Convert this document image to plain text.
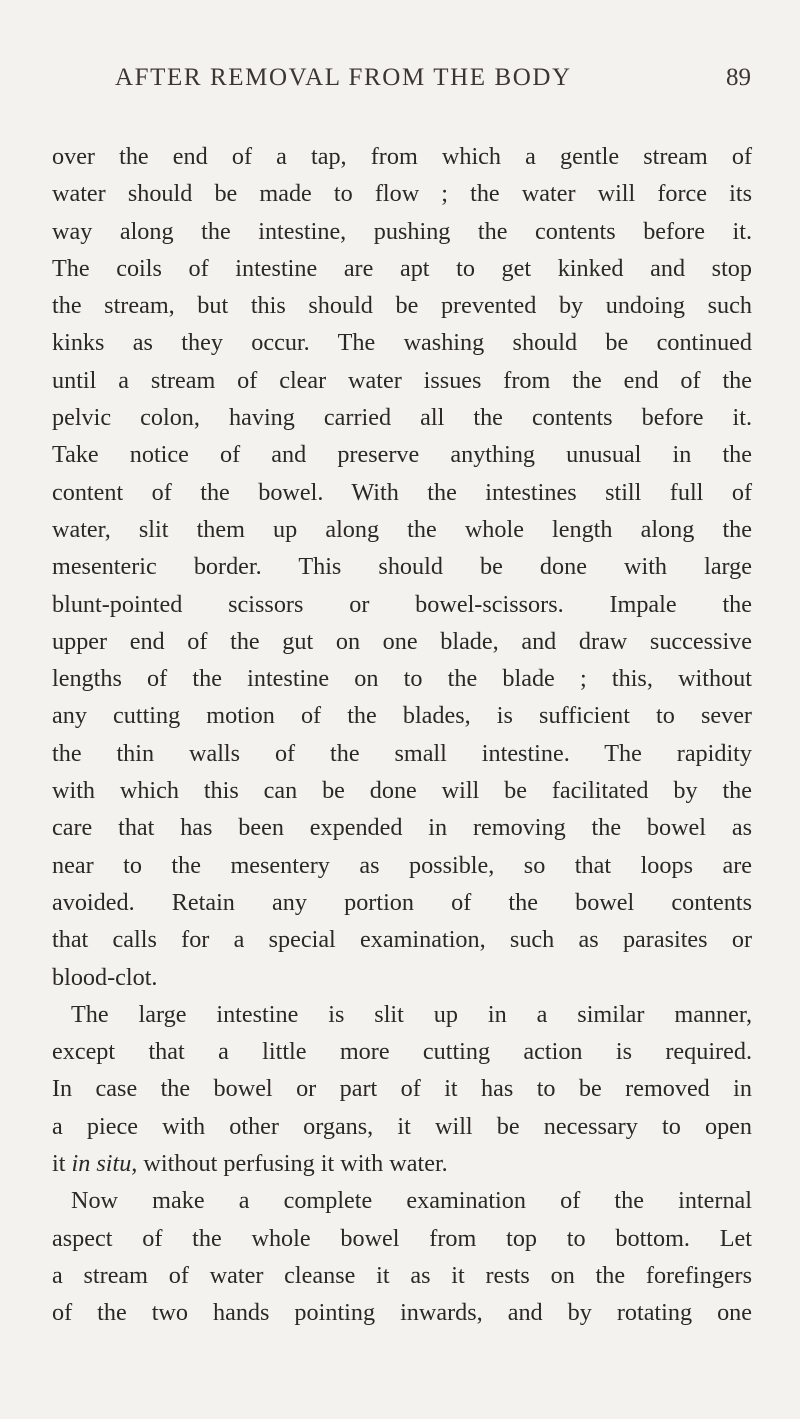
AFTER REMOVAL FROM THE BODY	89
over the end of a tap, from which a gentle stream of
water should be made to flow ; the water will force its
way along the intestine, pushing the contents before it.
The coils of intestine are apt to get kinked and stop
the stream, but this should be prevented by undoing such
kinks as they occur. The washing should be continued
until a stream of clear water issues from the end of the
pelvic colon, having carried all the contents before it.
Take notice of and preserve anything unusual in the
content of the bowel. With the intestines still full of
water, slit them up along the whole length along the
mesenteric border. This should be done with large
blunt-pointed scissors or bowel-scissors. Impale the
upper end of the gut on one blade, and draw successive
lengths of the intestine on to the blade ; this, without
any cutting motion of the blades, is sufficient to sever
the thin walls of the small intestine. The rapidity
with which this can be done will be facilitated by the
care that has been expended in removing the bowel as
near to the mesentery as possible, so that loops are
avoided. Retain any portion of the bowel contents
that calls for a special examination, such as parasites or
blood-clot.
The large intestine is slit up in a similar manner,
except that a little more cutting action is required.
In case the bowel or part of it has to be removed in
a piece with other organs, it will be necessary to open
it in situ, without perfusing it with water.
Now make a complete examination of the internal
aspect of the whole bowel from top to bottom. Let
a stream of water cleanse it as it rests on the forefingers
of the two hands pointing inwards, and by rotating one
